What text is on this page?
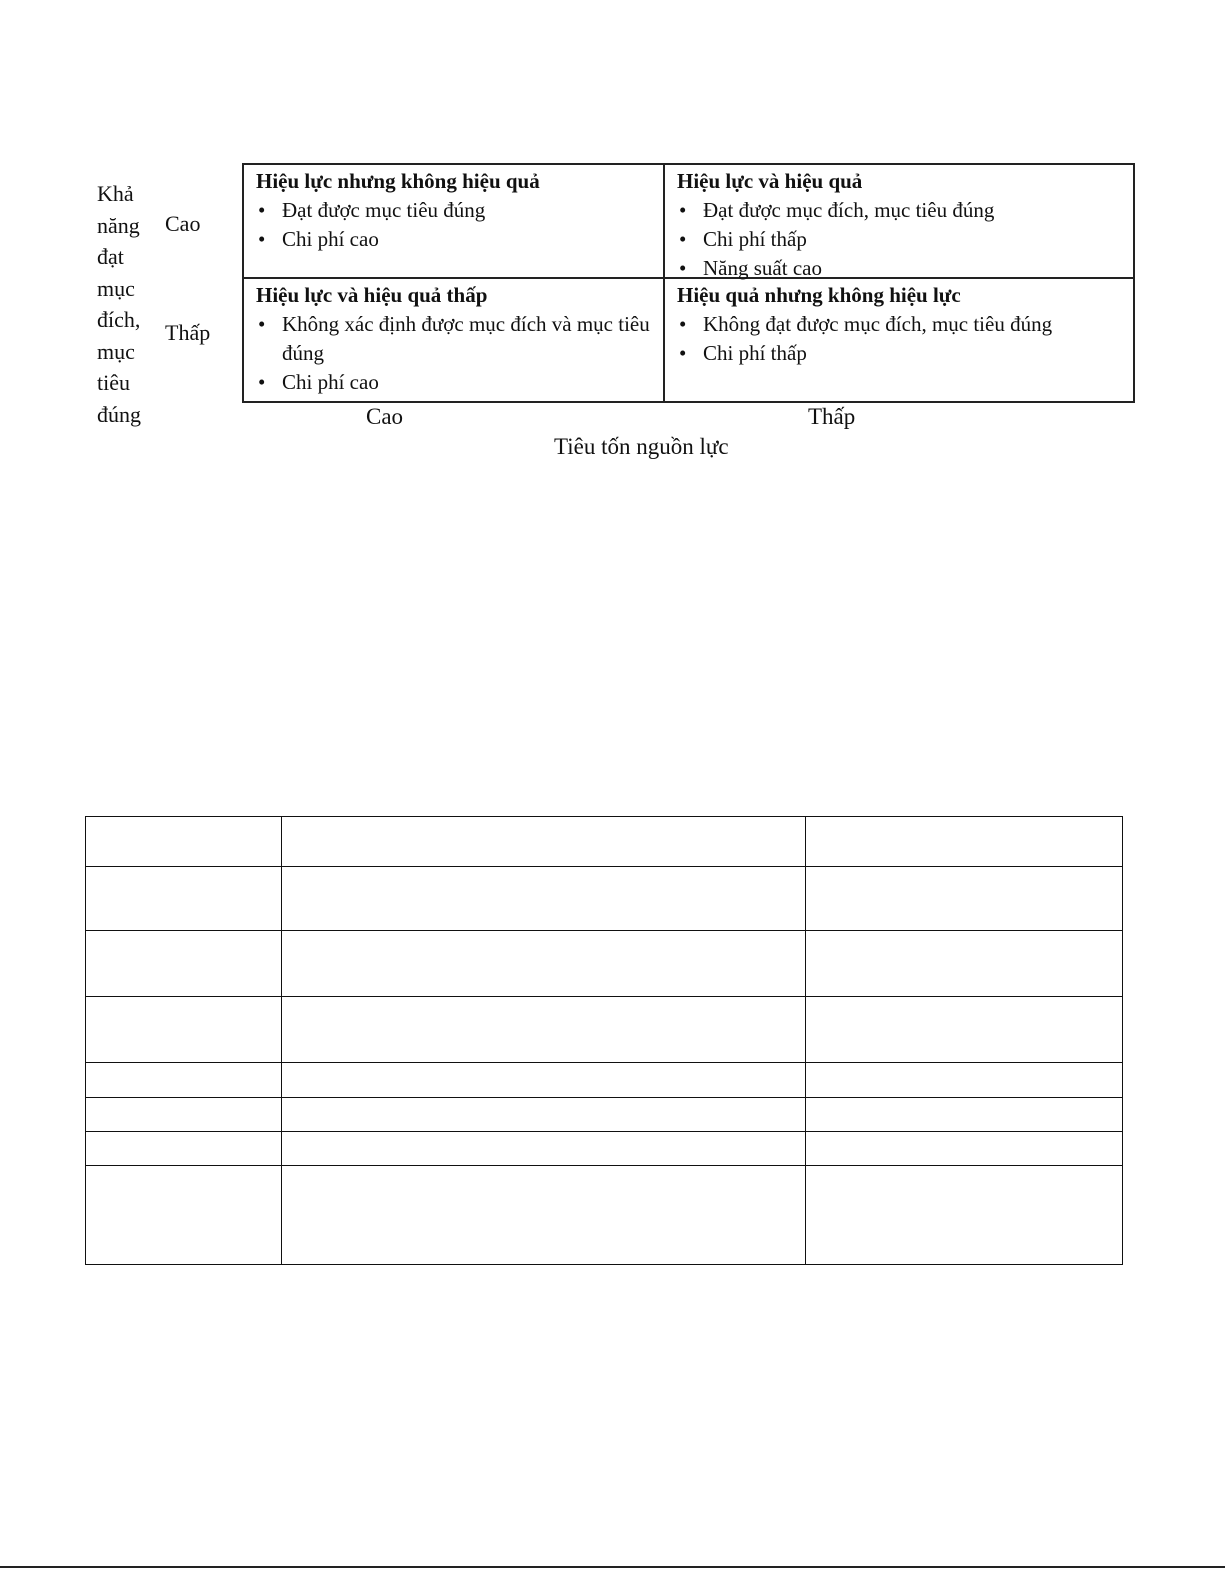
Khả
năng
đạt
mục
đích,
mục
tiêu
đúng
Cao
Thấp
Hiệu lực nhưng không hiệu quả
• Đạt được mục tiêu đúng
• Chi phí cao
Hiệu lực và hiệu quả
• Đạt được mục đích, mục tiêu đúng
• Chi phí thấp
• Năng suất cao
Hiệu lực và hiệu quả thấp
• Không xác định được mục đích và mục tiêu đúng
• Chi phí cao
Hiệu quả nhưng không hiệu lực
• Không đạt được mục đích, mục tiêu đúng
• Chi phí thấp
Cao	Thấp
Tiêu tốn nguồn lực
